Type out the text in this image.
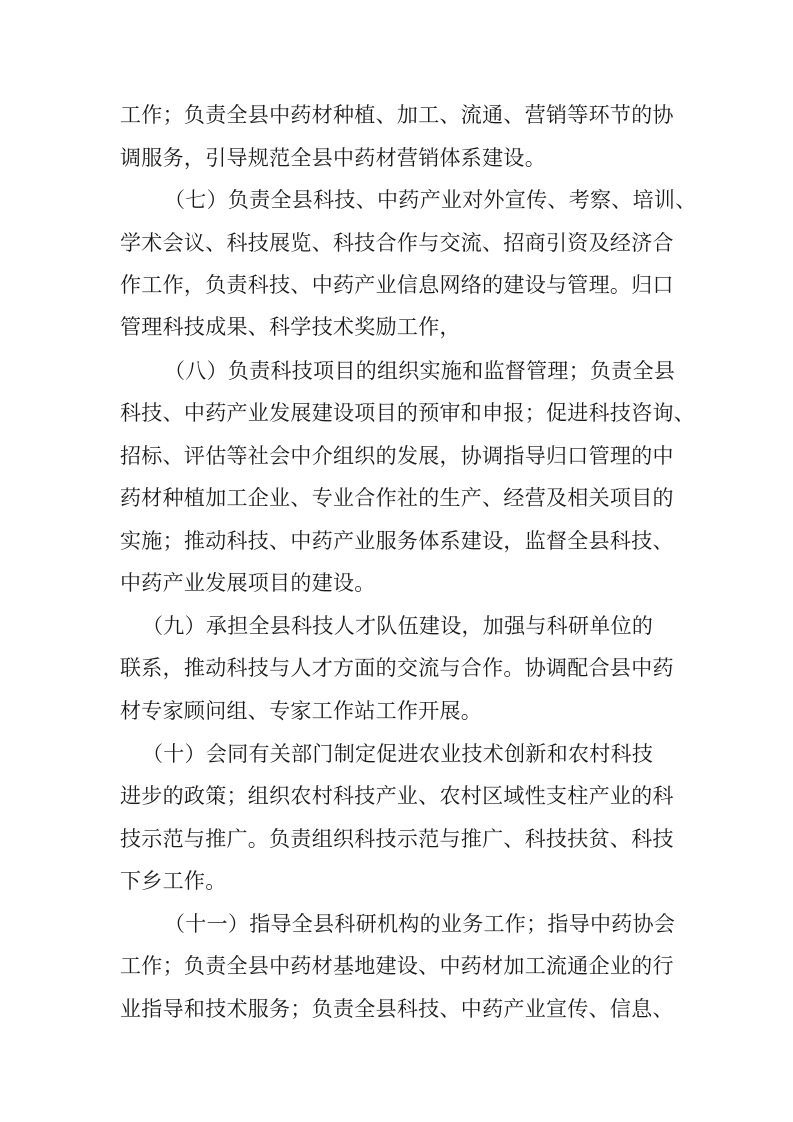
工作；负责全县中药材种植、加工、流通、营销等环节的协
调服务，引导规范全县中药材营销体系建设。
（七）负责全县科技、中药产业对外宣传、考察、培训、
学术会议、科技展览、科技合作与交流、招商引资及经济合
作工作，负责科技、中药产业信息网络的建设与管理。归口
管理科技成果、科学技术奖励工作，
（八）负责科技项目的组织实施和监督管理；负责全县
科技、中药产业发展建设项目的预审和申报；促进科技咨询、
招标、评估等社会中介组织的发展，协调指导归口管理的中
药材种植加工企业、专业合作社的生产、经营及相关项目的
实施；推动科技、中药产业服务体系建设，监督全县科技、
中药产业发展项目的建设。
（九）承担全县科技人才队伍建设，加强与科研单位的
联系，推动科技与人才方面的交流与合作。协调配合县中药
材专家顾问组、专家工作站工作开展。
（十）会同有关部门制定促进农业技术创新和农村科技
进步的政策；组织农村科技产业、农村区域性支柱产业的科
技示范与推广。负责组织科技示范与推广、科技扶贫、科技
下乡工作。
（十一）指导全县科研机构的业务工作；指导中药协会
工作；负责全县中药材基地建设、中药材加工流通企业的行
业指导和技术服务；负责全县科技、中药产业宣传、信息、
